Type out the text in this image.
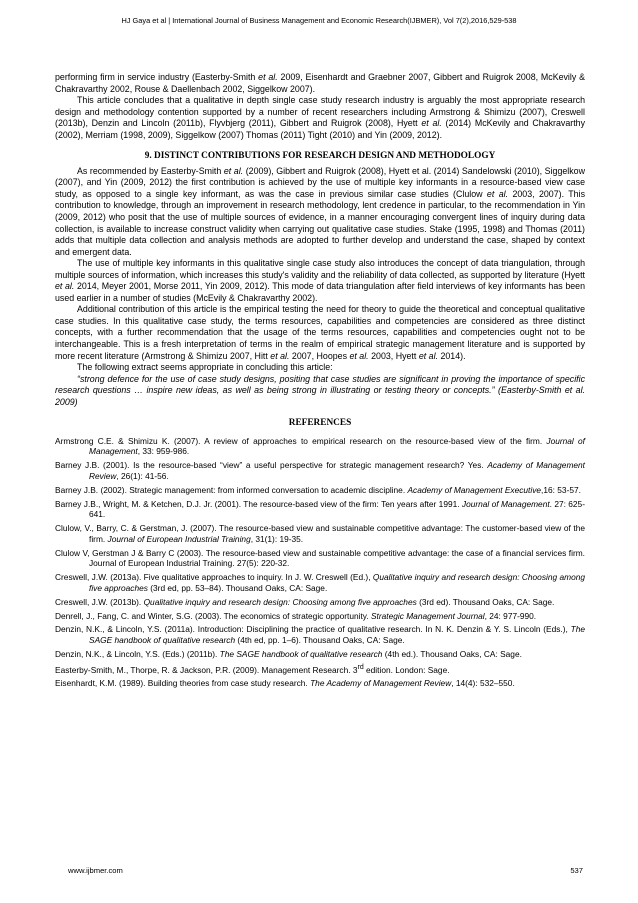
HJ Gaya et al | International Journal of Business Management and Economic Research(IJBMER), Vol 7(2),2016,529-538

performing firm in service industry (Easterby-Smith et al. 2009, Eisenhardt and Graebner 2007, Gibbert and Ruigrok 2008, McKevily & Chakravarthy 2002, Rouse & Daellenbach 2002, Siggelkow 2007).

This article concludes that a qualitative in depth single case study research industry is arguably the most appropriate research design and methodology contention supported by a number of recent researchers including Armstrong & Shimizu (2007), Creswell (2013b), Denzin and Lincoln (2011b), Flyvbjerg (2011), Gibbert and Ruigrok (2008), Hyett et al. (2014) McKevily and Chakravarthy (2002), Merriam (1998, 2009), Siggelkow (2007) Thomas (2011) Tight (2010) and Yin (2009, 2012).

9. DISTINCT CONTRIBUTIONS FOR RESEARCH DESIGN AND METHODOLOGY

As recommended by Easterby-Smith et al. (2009), Gibbert and Ruigrok (2008), Hyett et al. (2014) Sandelowski (2010), Siggelkow (2007), and Yin (2009, 2012) the first contribution is achieved by the use of multiple key informants in a resource-based view case study, as opposed to a single key informant, as was the case in previous similar case studies (Clulow et al. 2003, 2007). This contribution to knowledge, through an improvement in research methodology, lent credence in particular, to the recommendation in Yin (2009, 2012) who posit that the use of multiple sources of evidence, in a manner encouraging convergent lines of inquiry during data collection, is available to increase construct validity when carrying out qualitative case studies. Stake (1995, 1998) and Thomas (2011) adds that multiple data collection and analysis methods are adopted to further develop and understand the case, shaped by context and emergent data.

The use of multiple key informants in this qualitative single case study also introduces the concept of data triangulation, through multiple sources of information, which increases this study's validity and the reliability of data collected, as supported by literature (Hyett et al. 2014, Meyer 2001, Morse 2011, Yin 2009, 2012). This mode of data triangulation after field interviews of key informants has been used earlier in a number of studies (McEvily & Chakravarthy 2002).

Additional contribution of this article is the empirical testing the need for theory to guide the theoretical and conceptual qualitative case studies. In this qualitative case study, the terms resources, capabilities and competencies are considered as three distinct concepts, with a further recommendation that the usage of the terms resources, capabilities and competencies ought not to be interchangeable. This is a fresh interpretation of terms in the realm of empirical strategic management literature and is supported by more recent literature (Armstrong & Shimizu 2007, Hitt et al. 2007, Hoopes et al. 2003, Hyett et al. 2014).

The following extract seems appropriate in concluding this article:

“strong defence for the use of case study designs, positing that case studies are significant in proving the importance of specific research questions … inspire new ideas, as well as being strong in illustrating or testing theory or concepts.” (Easterby-Smith et al. 2009)

REFERENCES
Armstrong C.E. & Shimizu K. (2007). A review of approaches to empirical research on the resource-based view of the firm. Journal of Management, 33: 959-986.
Barney J.B. (2001). Is the resource-based “view” a useful perspective for strategic management research? Yes. Academy of Management Review, 26(1): 41-56.
Barney J.B. (2002). Strategic management: from informed conversation to academic discipline. Academy of Management Executive,16: 53-57.
Barney J.B., Wright, M. & Ketchen, D.J. Jr. (2001). The resource-based view of the firm: Ten years after 1991. Journal of Management. 27: 625-641.
Clulow, V., Barry, C. & Gerstman, J. (2007). The resource-based view and sustainable competitive advantage: The customer-based view of the firm. Journal of European Industrial Training, 31(1): 19-35.
Clulow V, Gerstman J & Barry C (2003). The resource-based view and sustainable competitive advantage: the case of a financial services firm. Journal of European Industrial Training. 27(5): 220-32.
Creswell, J.W. (2013a). Five qualitative approaches to inquiry. In J. W. Creswell (Ed.), Qualitative inquiry and research design: Choosing among five approaches (3rd ed, pp. 53–84). Thousand Oaks, CA: Sage.
Creswell, J.W. (2013b). Qualitative inquiry and research design: Choosing among five approaches (3rd ed). Thousand Oaks, CA: Sage.
Denrell, J., Fang, C. and Winter, S.G. (2003). The economics of strategic opportunity. Strategic Management Journal, 24: 977-990.
Denzin, N.K., & Lincoln, Y.S. (2011a). Introduction: Disciplining the practice of qualitative research. In N. K. Denzin & Y. S. Lincoln (Eds.), The SAGE handbook of qualitative research (4th ed, pp. 1–6). Thousand Oaks, CA: Sage.
Denzin, N.K., & Lincoln, Y.S. (Eds.) (2011b). The SAGE handbook of qualitative research (4th ed.). Thousand Oaks, CA: Sage.
Easterby-Smith, M., Thorpe, R. & Jackson, P.R. (2009). Management Research. 3rd edition. London: Sage.
Eisenhardt, K.M. (1989). Building theories from case study research. The Academy of Management Review, 14(4): 532–550.
www.ijbmer.com	537
